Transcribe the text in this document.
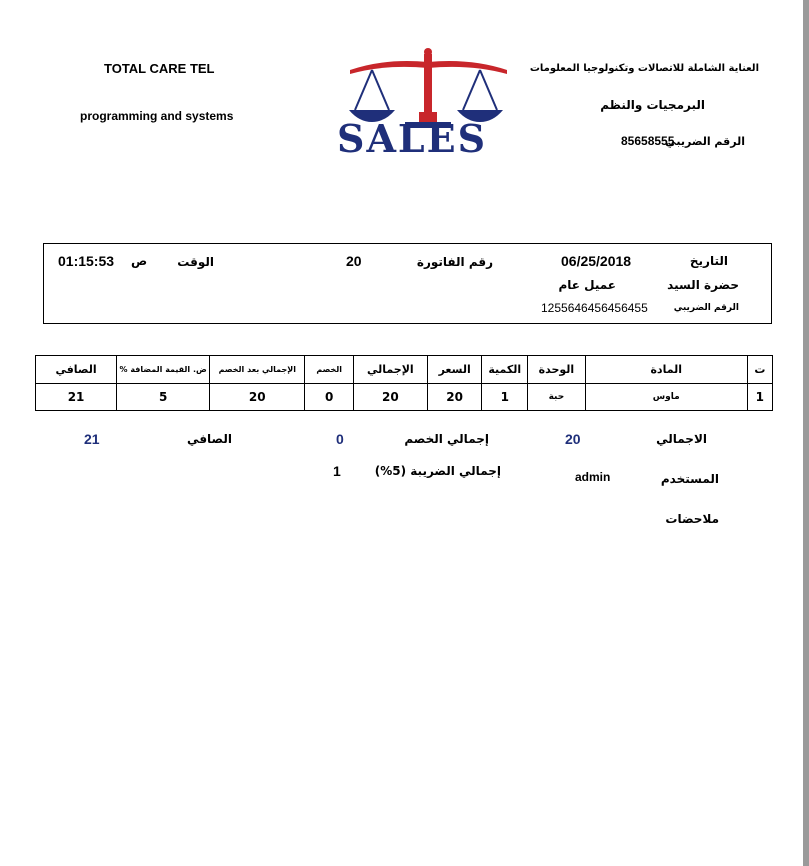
TOTAL CARE TEL
programming and systems	SALES
العناية الشاملة للاتصالات وتكنولوجيا المعلومات
البرمجيات والنظم
الرقم الضريبي
85658555
التاريخ
06/25/2018
رقم الفاتورة
20
الوقت
ص
01:15:53
حضرة السيد
عميل عام
الرقم الضريبي
1255646456456455
ت	المادة	الوحدة	الكمية	السعر	الإجمالي	الخصم	الإجمالي بعد الخصم	ض. القيمة المضافة %	الصافي
1	ماوس	حبة	1	20	20	0	20	5	21
الاجمالي
20
إجمالي الخصم
0
الصافي
21
المستخدم
admin
إجمالي الضريبة (5%)
1
ملاحضات
